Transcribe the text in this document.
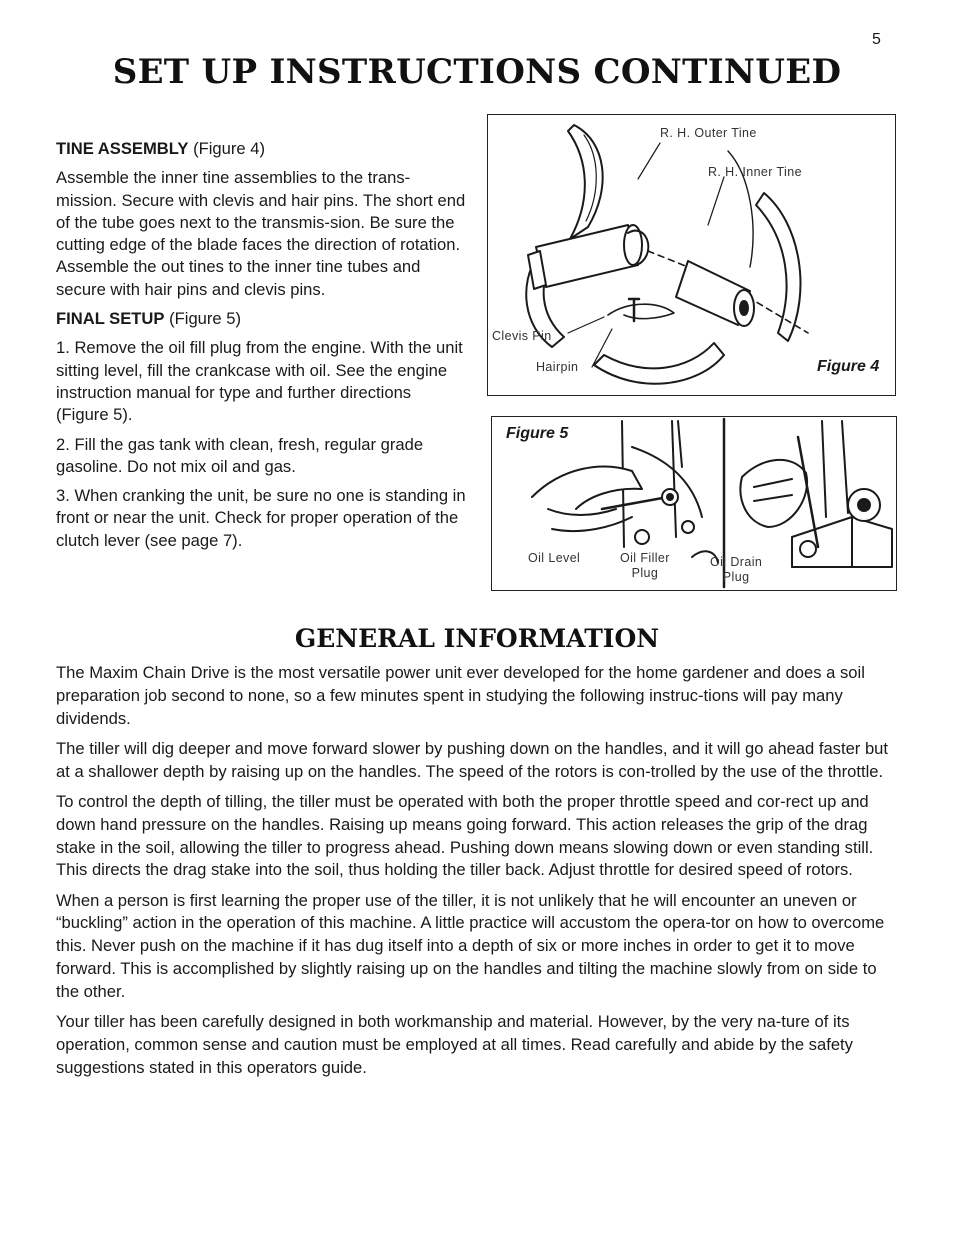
5
SET UP INSTRUCTIONS CONTINUED

TINE ASSEMBLY (Figure 4)

Assemble the inner tine assemblies to the trans-mission. Secure with clevis and hair pins. The short end of the tube goes next to the transmis-sion. Be sure the cutting edge of the blade faces the direction of rotation. Assemble the out tines to the inner tine tubes and secure with hair pins and clevis pins.

FINAL SETUP (Figure 5)

1. Remove the oil fill plug from the engine. With the unit sitting level, fill the crankcase with oil. See the engine instruction manual for type and further directions (Figure 5).

2. Fill the gas tank with clean, fresh, regular grade gasoline. Do not mix oil and gas.

3. When cranking the unit, be sure no one is standing in front or near the unit. Check for proper operation of the clutch lever (see page 7).

R. H. Outer Tine
R. H. Inner Tine
Clevis Pin
Hairpin	Figure 4
Figure 5
Oil Level	Oil Filler
Plug
Oil Drain
Plug
GENERAL INFORMATION

The Maxim Chain Drive is the most versatile power unit ever developed for the home gardener and does a soil preparation job second to none, so a few minutes spent in studying the following instruc-tions will pay many dividends.

The tiller will dig deeper and move forward slower by pushing down on the handles, and it will go ahead faster but at a shallower depth by raising up on the handles. The speed of the rotors is con-trolled by the use of the throttle.

To control the depth of tilling, the tiller must be operated with both the proper throttle speed and cor-rect up and down hand pressure on the handles. Raising up means going forward. This action releases the grip of the drag stake in the soil, allowing the tiller to progress ahead. Pushing down means slowing down or even standing still. This directs the drag stake into the soil, thus holding the tiller back. Adjust throttle for desired speed of rotors.

When a person is first learning the proper use of the tiller, it is not unlikely that he will encounter an uneven or “buckling” action in the operation of this machine. A little practice will accustom the opera-tor on how to overcome this. Never push on the machine if it has dug itself into a depth of six or more inches in order to get it to move forward. This is accomplished by slightly raising up on the handles and tilting the machine slowly from on side to the other.

Your tiller has been carefully designed in both workmanship and material. However, by the very na-ture of its operation, common sense and caution must be employed at all times. Read carefully and abide by the safety suggestions stated in this operators guide.
